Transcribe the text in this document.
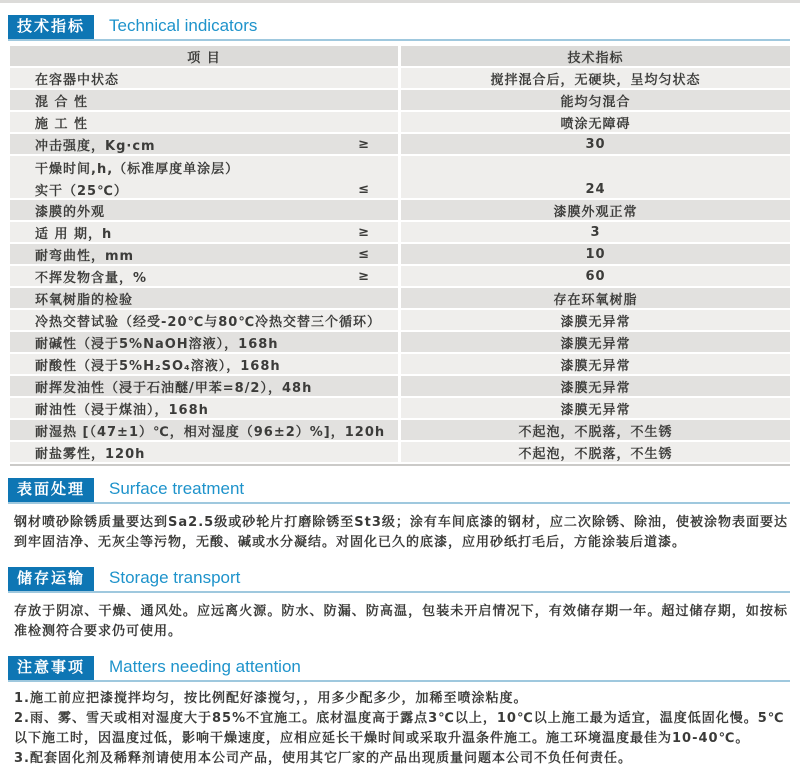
技术指标	Technical indicators
项 目	技术指标
在容器中状态	搅拌混合后，无硬块，呈均匀状态
混 合 性	能均匀混合
施 工 性	喷涂无障碍
冲击强度，Kg·cm	≥	30
干燥时间,h,（标准厚度单涂层）
实干（25℃）	≤	24
漆膜的外观	漆膜外观正常
适 用 期，h	≥	3
耐弯曲性，mm	≤	10
不挥发物含量，%	≥	60
环氧树脂的检验	存在环氧树脂
冷热交替试验（经受-20℃与80℃冷热交替三个循环）	漆膜无异常
耐碱性（浸于5%NaOH溶液），168h	漆膜无异常
耐酸性（浸于5%H₂SO₄溶液），168h	漆膜无异常
耐挥发油性（浸于石油醚/甲苯=8/2），48h	漆膜无异常
耐油性（浸于煤油），168h	漆膜无异常
耐湿热 [（47±1）℃，相对湿度（96±2）%]，120h	不起泡，不脱落，不生锈
耐盐雾性，120h	不起泡，不脱落，不生锈
表面处理	Surface treatment
钢材喷砂除锈质量要达到Sa2.5级或砂轮片打磨除锈至St3级；涂有车间底漆的钢材，应二次除锈、除油，使被涂物表面要达到牢固洁净、无灰尘等污物，无酸、碱或水分凝结。对固化已久的底漆，应用砂纸打毛后，方能涂装后道漆。
储存运输	Storage transport
存放于阴凉、干燥、通风处。应远离火源。防水、防漏、防高温，包装未开启情况下，有效储存期一年。超过储存期，如按标准检测符合要求仍可使用。
注意事项	Matters needing attention
1.施工前应把漆搅拌均匀，按比例配好漆搅匀，，用多少配多少，加稀至喷涂粘度。
2.雨、雾、雪天或相对湿度大于85%不宜施工。底材温度高于露点3℃以上，10℃以上施工最为适宜，温度低固化慢。5℃以下施工时，因温度过低，影响干燥速度，应相应延长干燥时间或采取升温条件施工。施工环境温度最佳为10-40℃。
3.配套固化剂及稀释剂请使用本公司产品，使用其它厂家的产品出现质量问题本公司不负任何责任。
